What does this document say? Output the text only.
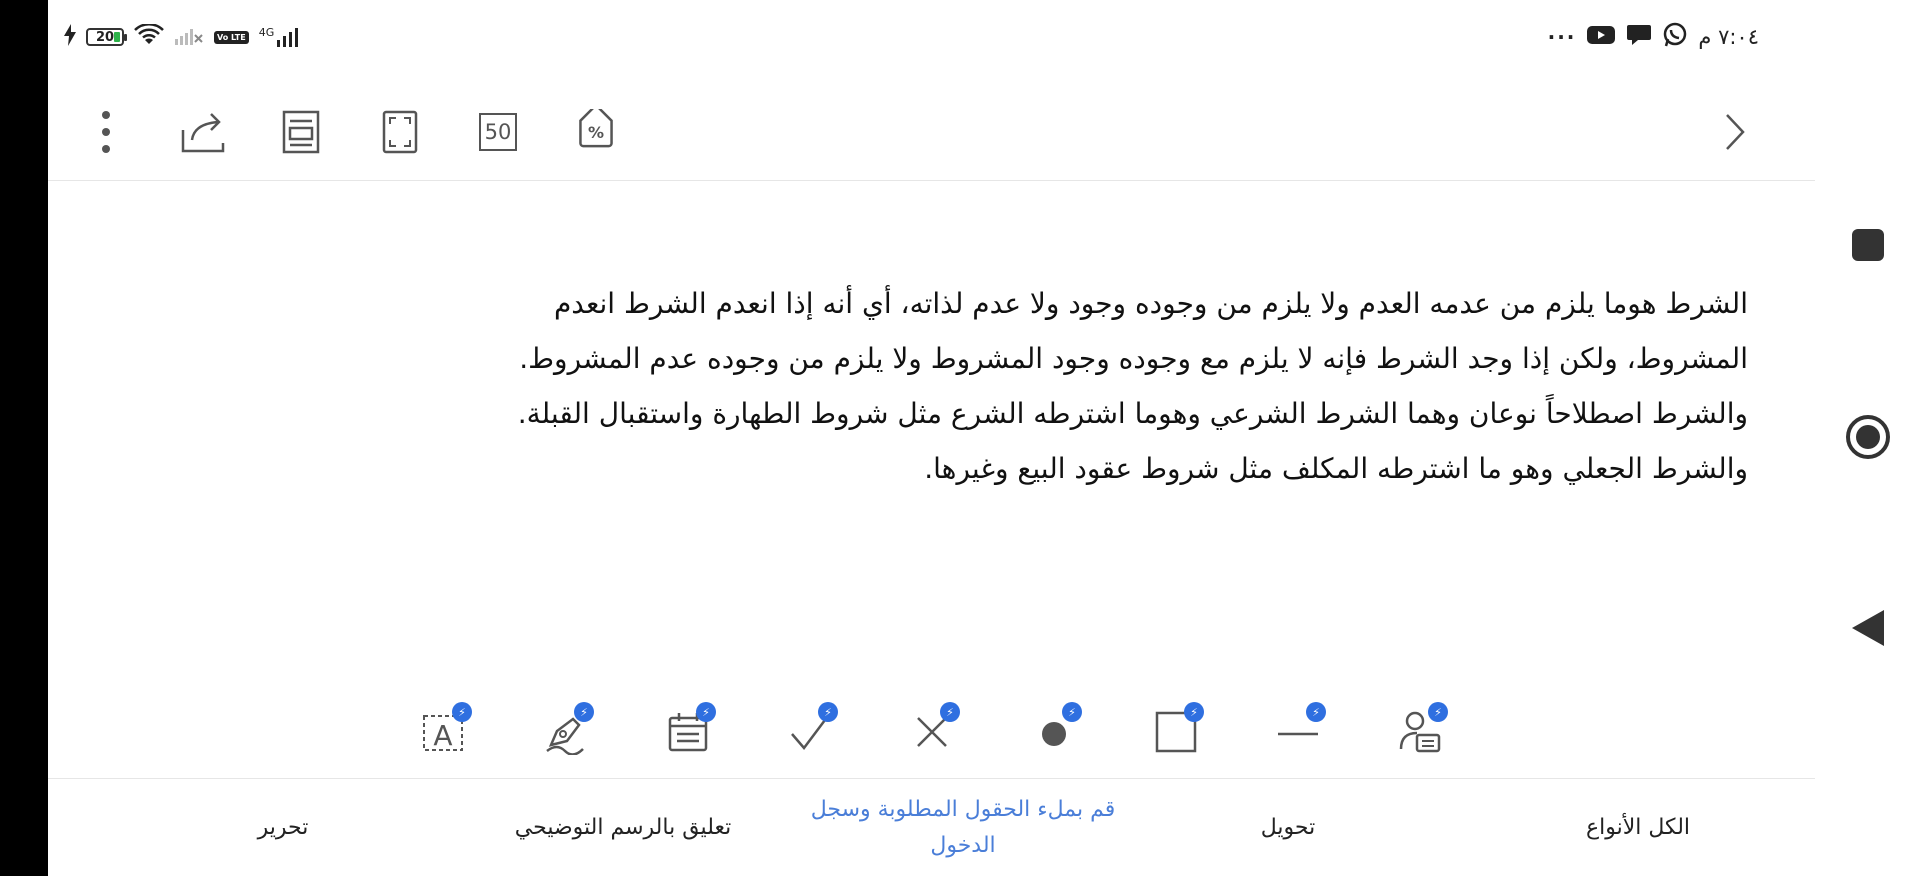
20	Vo LTE 4G	···	٧:٠٤ م
50	%

الشرط هوما يلزم من عدمه العدم ولا يلزم من وجوده وجود ولا عدم لذاته، أي أنه إذا انعدم الشرط انعدم

المشروط، ولكن إذا وجد الشرط فإنه لا يلزم مع وجوده وجود المشروط ولا يلزم من وجوده عدم المشروط.

والشرط اصطلاحاً نوعان وهما الشرط الشرعي وهوما اشترطه الشرع مثل شروط الطهارة واستقبال القبلة.

والشرط الجعلي وهو ما اشترطه المكلف مثل شروط عقود البيع وغيرها.

A
⚡	⚡	⚡	⚡	⚡	⚡	⚡	⚡	⚡
تحرير	تعليق بالرسم التوضيحي
قم بملء الحقول المطلوبة وسجل الدخول
تحويل	الكل الأنواع
